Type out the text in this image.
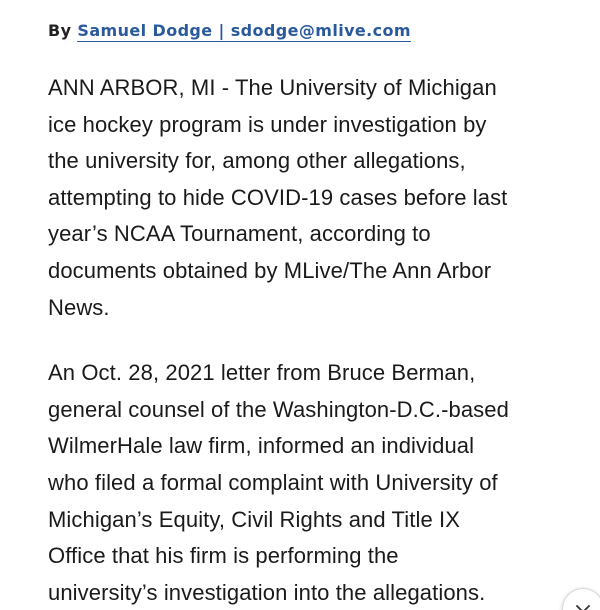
By Samuel Dodge | sdodge@mlive.com

ANN ARBOR, MI - The University of Michigan
ice hockey program is under investigation by
the university for, among other allegations,
attempting to hide COVID-19 cases before last
year’s NCAA Tournament, according to
documents obtained by MLive/The Ann Arbor
News.

An Oct. 28, 2021 letter from Bruce Berman,
general counsel of the Washington-D.C.-based
WilmerHale law firm, informed an individual
who filed a formal complaint with University of
Michigan’s Equity, Civil Rights and Title IX
Office that his firm is performing the
university’s investigation into the allegations.
